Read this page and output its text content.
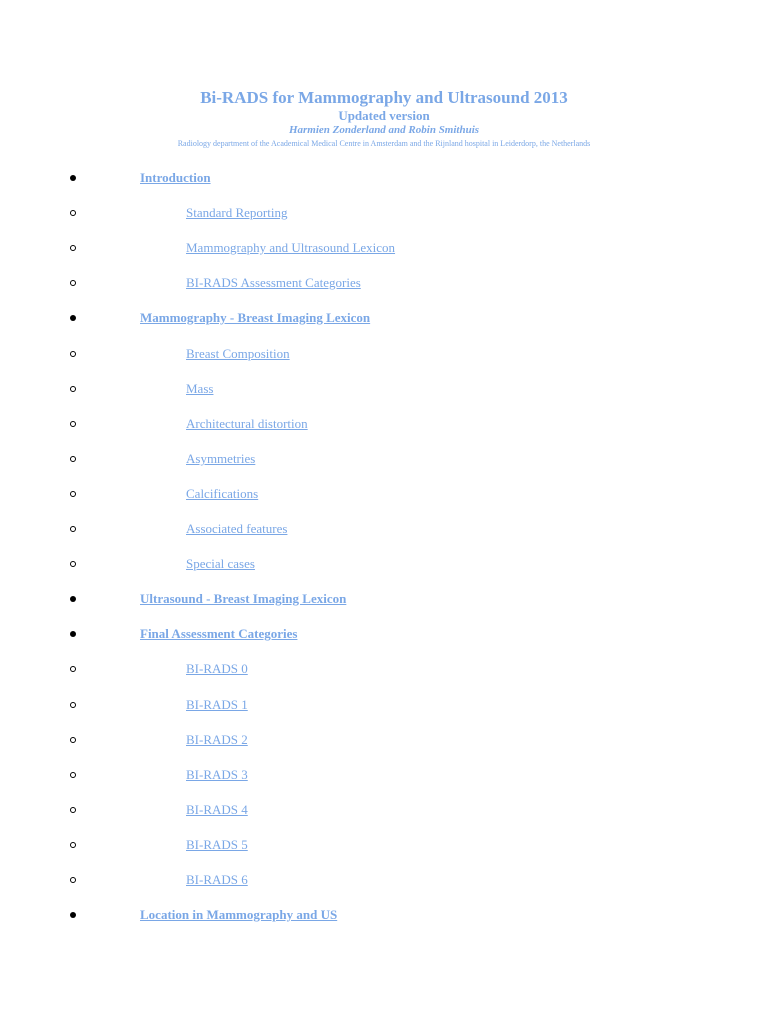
Bi-RADS for Mammography and Ultrasound 2013
Updated version
Harmien Zonderland and Robin Smithuis
Radiology department of the Academical Medical Centre in Amsterdam and the Rijnland hospital in Leiderdorp, the Netherlands
Introduction
Standard Reporting
Mammography and Ultrasound Lexicon
BI-RADS Assessment Categories
Mammography - Breast Imaging Lexicon
Breast Composition
Mass
Architectural distortion
Asymmetries
Calcifications
Associated features
Special cases
Ultrasound - Breast Imaging Lexicon
Final Assessment Categories
BI-RADS 0
BI-RADS 1
BI-RADS 2
BI-RADS 3
BI-RADS 4
BI-RADS 5
BI-RADS 6
Location in Mammography and US
